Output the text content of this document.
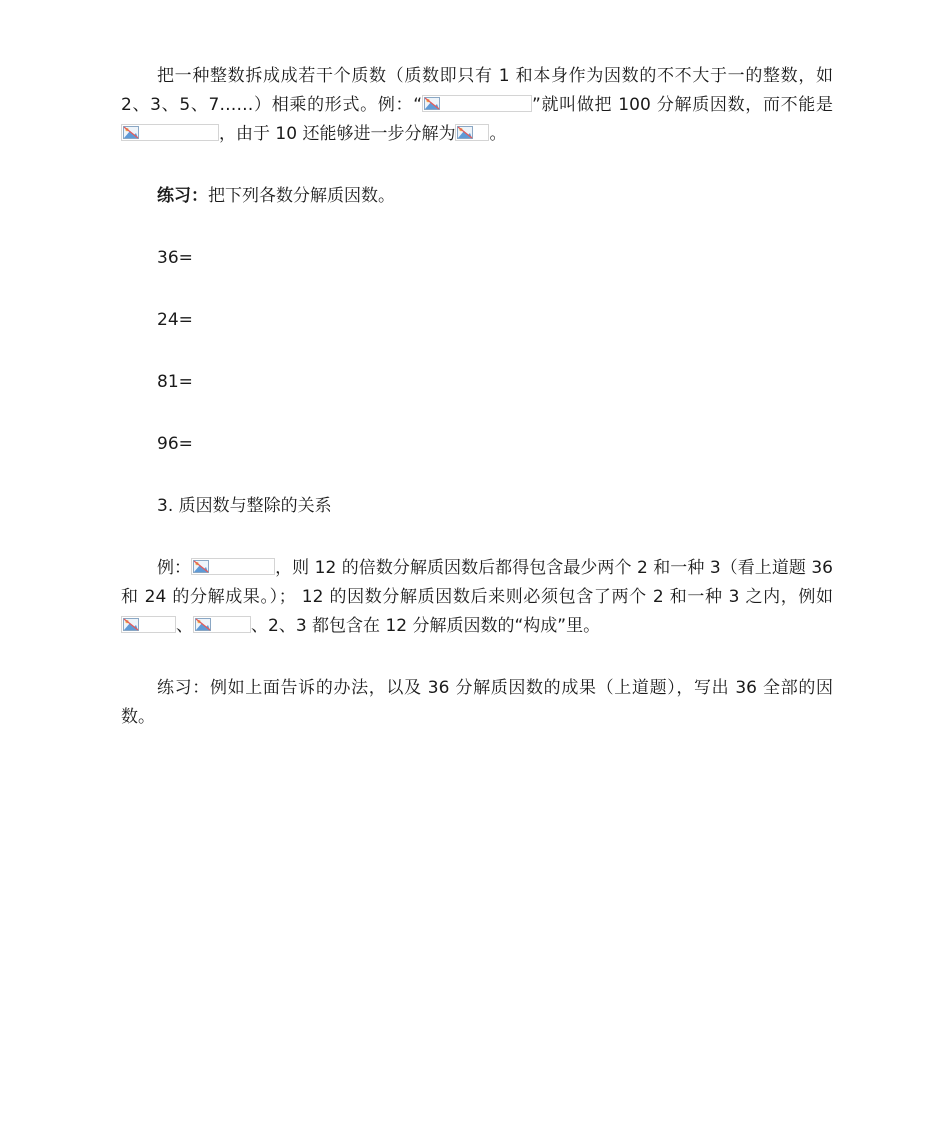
把一种整数拆成成若干个质数（质数即只有 1 和本身作为因数的不不大于一的整数，如 2、3、5、7……）相乘的形式。例：“	”就叫做把 100 分解质因数，而不能是
，由于 10 还能够进一步分解为 。

练习：把下列各数分解质因数。

36=

24=

81=

96=

3. 质因数与整除的关系

例：	，则 12 的倍数分解质因数后都得包含最少两个 2 和一种 3（看上道题 36 和 24 的分解成果。）； 12 的因数分解质因数后来则必须包含了两个 2 和一种 3 之内，例如
、	、2、3 都包含在 12 分解质因数的“构成”里。

练习：例如上面告诉的办法，以及 36 分解质因数的成果（上道题），写出 36 全部的因数。
